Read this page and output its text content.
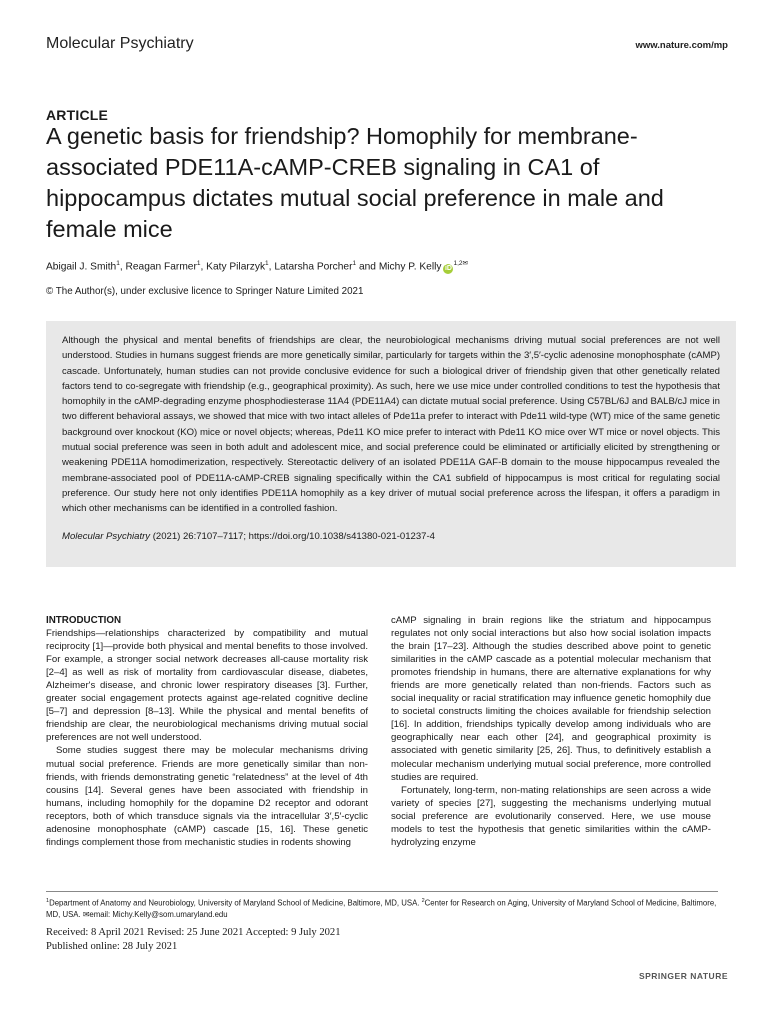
Molecular Psychiatry	www.nature.com/mp
ARTICLE
A genetic basis for friendship? Homophily for membrane-associated PDE11A-cAMP-CREB signaling in CA1 of hippocampus dictates mutual social preference in male and female mice
Abigail J. Smith$^1$, Reagan Farmer$^1$, Katy Pilarzyk$^1$, Latarsha Porcher$^1$ and Michy P. Kelly $iD^{1,2✉}$
© The Author(s), under exclusive licence to Springer Nature Limited 2021
Although the physical and mental benefits of friendships are clear, the neurobiological mechanisms driving mutual social preferences are not well understood. Studies in humans suggest friends are more genetically similar, particularly for targets within the 3′,5′-cyclic adenosine monophosphate (cAMP) cascade. Unfortunately, human studies can not provide conclusive evidence for such a biological driver of friendship given that other genetically related factors tend to co-segregate with friendship (e.g., geographical proximity). As such, here we use mice under controlled conditions to test the hypothesis that homophily in the cAMP-degrading enzyme phosphodiesterase 11A4 (PDE11A4) can dictate mutual social preference. Using C57BL/6J and BALB/cJ mice in two different behavioral assays, we showed that mice with two intact alleles of Pde11a prefer to interact with Pde11 wild-type (WT) mice of the same genetic background over knockout (KO) mice or novel objects; whereas, Pde11 KO mice prefer to interact with Pde11 KO mice over WT mice or novel objects. This mutual social preference was seen in both adult and adolescent mice, and social preference could be eliminated or artificially elicited by strengthening or weakening PDE11A homodimerization, respectively. Stereotactic delivery of an isolated PDE11A GAF-B domain to the mouse hippocampus revealed the membrane-associated pool of PDE11A-cAMP-CREB signaling specifically within the CA1 subfield of hippocampus is most critical for regulating social preference. Our study here not only identifies PDE11A homophily as a key driver of mutual social preference across the lifespan, it offers a paradigm in which other mechanisms can be identified in a controlled fashion.
Molecular Psychiatry (2021) 26:7107–7117; https://doi.org/10.1038/s41380-021-01237-4
INTRODUCTION

Friendships—relationships characterized by compatibility and mutual reciprocity [1]—provide both physical and mental benefits to those involved. For example, a stronger social network decreases all-cause mortality risk [2–4] as well as risk of mortality from cardiovascular disease, diabetes, Alzheimer's disease, and chronic lower respiratory diseases [3]. Further, greater social engagement protects against age-related cognitive decline [5–7] and depression [8–13]. While the physical and mental benefits of friendship are clear, the neurobiological mechanisms driving mutual social preferences are not well understood.

Some studies suggest there may be molecular mechanisms driving mutual social preference. Friends are more genetically similar than non-friends, with friends demonstrating genetic “relatedness” at the level of 4th cousins [14]. Several genes have been associated with friendship in humans, including homophily for the dopamine D2 receptor and odorant receptors, both of which transduce signals via the intracellular 3′,5′-cyclic adenosine monophosphate (cAMP) cascade [15, 16]. These genetic findings complement those from mechanistic studies in rodents showing

cAMP signaling in brain regions like the striatum and hippocampus regulates not only social interactions but also how social isolation impacts the brain [17–23]. Although the studies described above point to genetic similarities in the cAMP cascade as a potential molecular mechanism that promotes friendship in humans, there are alternative explanations for why friends are more genetically related than non-friends. Factors such as social inequality or racial stratification may influence genetic homophily due to societal constructs limiting the choices available for friendship selection [16]. In addition, friendships typically develop among individuals who are geographically near each other [24], and geographical proximity is associated with genetic similarity [25, 26]. Thus, to definitively establish a molecular mechanism underlying mutual social preference, more controlled studies are required.

Fortunately, long-term, non-mating relationships are seen across a wide variety of species [27], suggesting the mechanisms underlying mutual social preference are evolutionarily conserved. Here, we use mouse models to test the hypothesis that genetic similarities within the cAMP-hydrolyzing enzyme

$^1$Department of Anatomy and Neurobiology, University of Maryland School of Medicine, Baltimore, MD, USA. $^2$Center for Research on Aging, University of Maryland School of Medicine, Baltimore, MD, USA. ✉email: Michy.Kelly@som.umaryland.edu
Received: 8 April 2021 Revised: 25 June 2021 Accepted: 9 July 2021
Published online: 28 July 2021
SPRINGER NATURE
